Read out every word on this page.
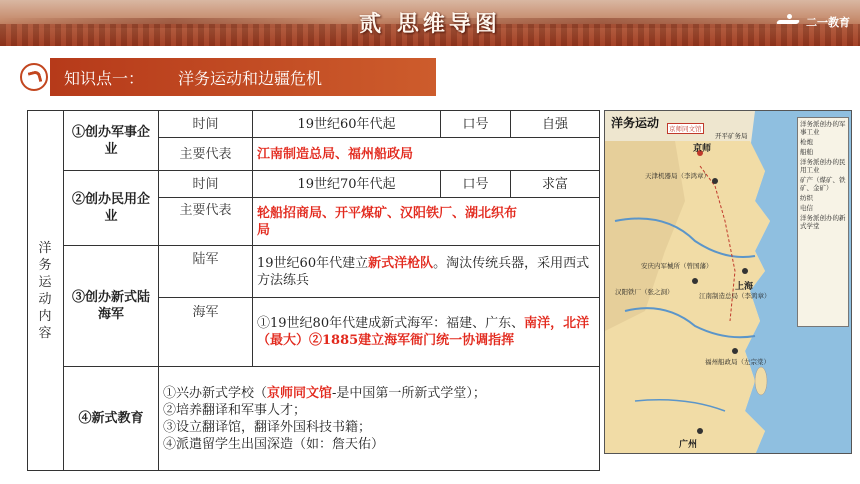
贰 思维导图	二一教育
知识点一： 洋务运动和边疆危机
洋务运动内容	①创办军事企业	时间	19世纪60年代起	口号	自强
		主要代表	江南制造总局、福州船政局		
	②创办民用企业	时间	19世纪70年代起	口号	求富
		主要代表	轮船招商局、开平煤矿、汉阳铁厂、湖北织布局		
	③创办新式陆海军	陆军	19世纪60年代建立新式洋枪队。淘汰传统兵器，采用西式方法练兵		
		海军	①19世纪80年代建成新式海军：福建、广东、南洋，北洋（最大）②1885建立海军衙门统一协调指挥		
	④新式教育	①兴办新式学校（京师同文馆-是中国第一所新式学堂）；
②培养翻译和军事人才；
③设立翻译馆，翻译外国科技书籍；
④派遣留学生出国深造（如：詹天佑）			
洋务运动	京师同文馆
京师
天津机器局（李鸿章）
开平矿务局
安庆内军械所（曾国藩）
上海
江南制造总局（李鸿章）
汉阳铁厂（张之洞）
福州船政局（左宗棠）
广州
洋务派创办的军事工业
枪炮
船舶
洋务派创办的民用工业
矿产（煤矿、铁矿、金矿）
纺织
电信
洋务派创办的新式学堂
